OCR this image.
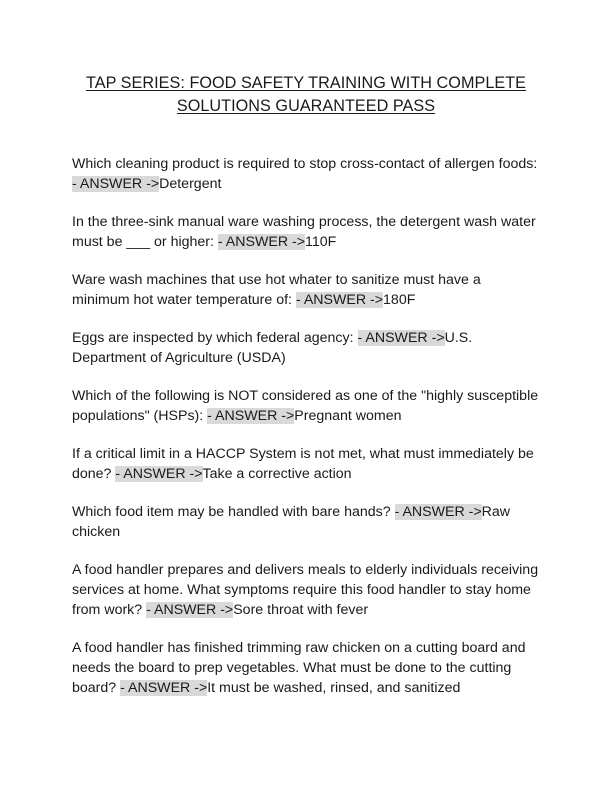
TAP SERIES: FOOD SAFETY TRAINING WITH COMPLETE SOLUTIONS GUARANTEED PASS

Which cleaning product is required to stop cross-contact of allergen foods: - ANSWER ->Detergent

In the three-sink manual ware washing process, the detergent wash water must be ___ or higher: - ANSWER ->110F

Ware wash machines that use hot whater to sanitize must have a minimum hot water temperature of: - ANSWER ->180F

Eggs are inspected by which federal agency: - ANSWER ->U.S. Department of Agriculture (USDA)

Which of the following is NOT considered as one of the "highly susceptible populations" (HSPs): - ANSWER ->Pregnant women

If a critical limit in a HACCP System is not met, what must immediately be done? - ANSWER ->Take a corrective action

Which food item may be handled with bare hands? - ANSWER ->Raw chicken

A food handler prepares and delivers meals to elderly individuals receiving services at home. What symptoms require this food handler to stay home from work? - ANSWER ->Sore throat with fever

A food handler has finished trimming raw chicken on a cutting board and needs the board to prep vegetables. What must be done to the cutting board? - ANSWER ->It must be washed, rinsed, and sanitized
